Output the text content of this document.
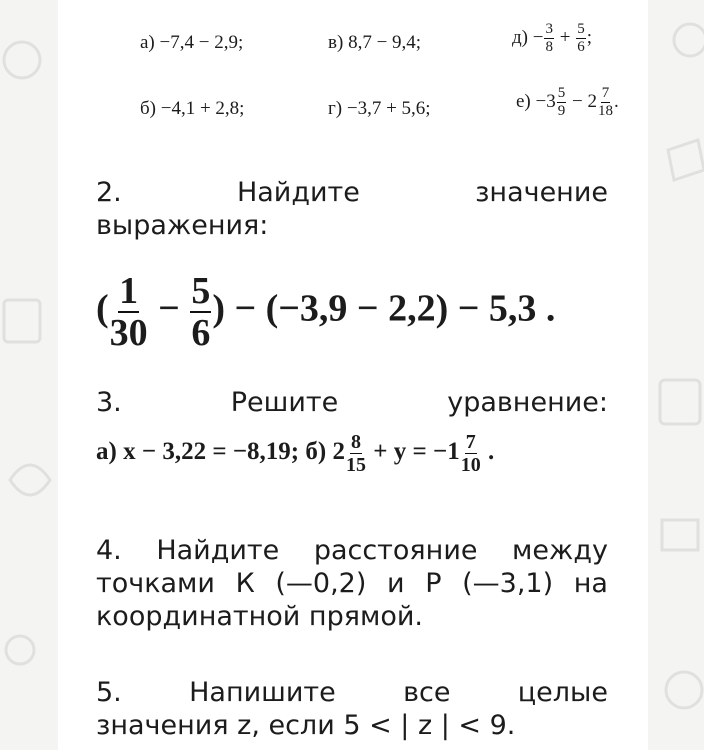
а) −7,4 − 2,9;	в) 8,7 − 9,4;	$д) - \frac{3}{8} + \frac{5}{6}$ ;
б) −4,1 + 2,8;	г) −3,7 + 5,6;	$е) -3 \frac{5}{9} - 2 \frac{7}{18}$ .
2.	Найдите	значение
выражения:
( $\frac{1}{30} - \frac{5}{6}$ ) − (−3,9 − 2,2) − 5,3 .
3.	Решите	уравнение:
а) x − 3,22 = −8,19; б) $2 \frac{8}{15} + y = -1 \frac{7}{10}$ .
4. Найдите расстояние между
точками К (—0,2) и Р (—3,1) на
координатной прямой.
5. Напишите все целые
значения z, если 5 < | z | < 9.
